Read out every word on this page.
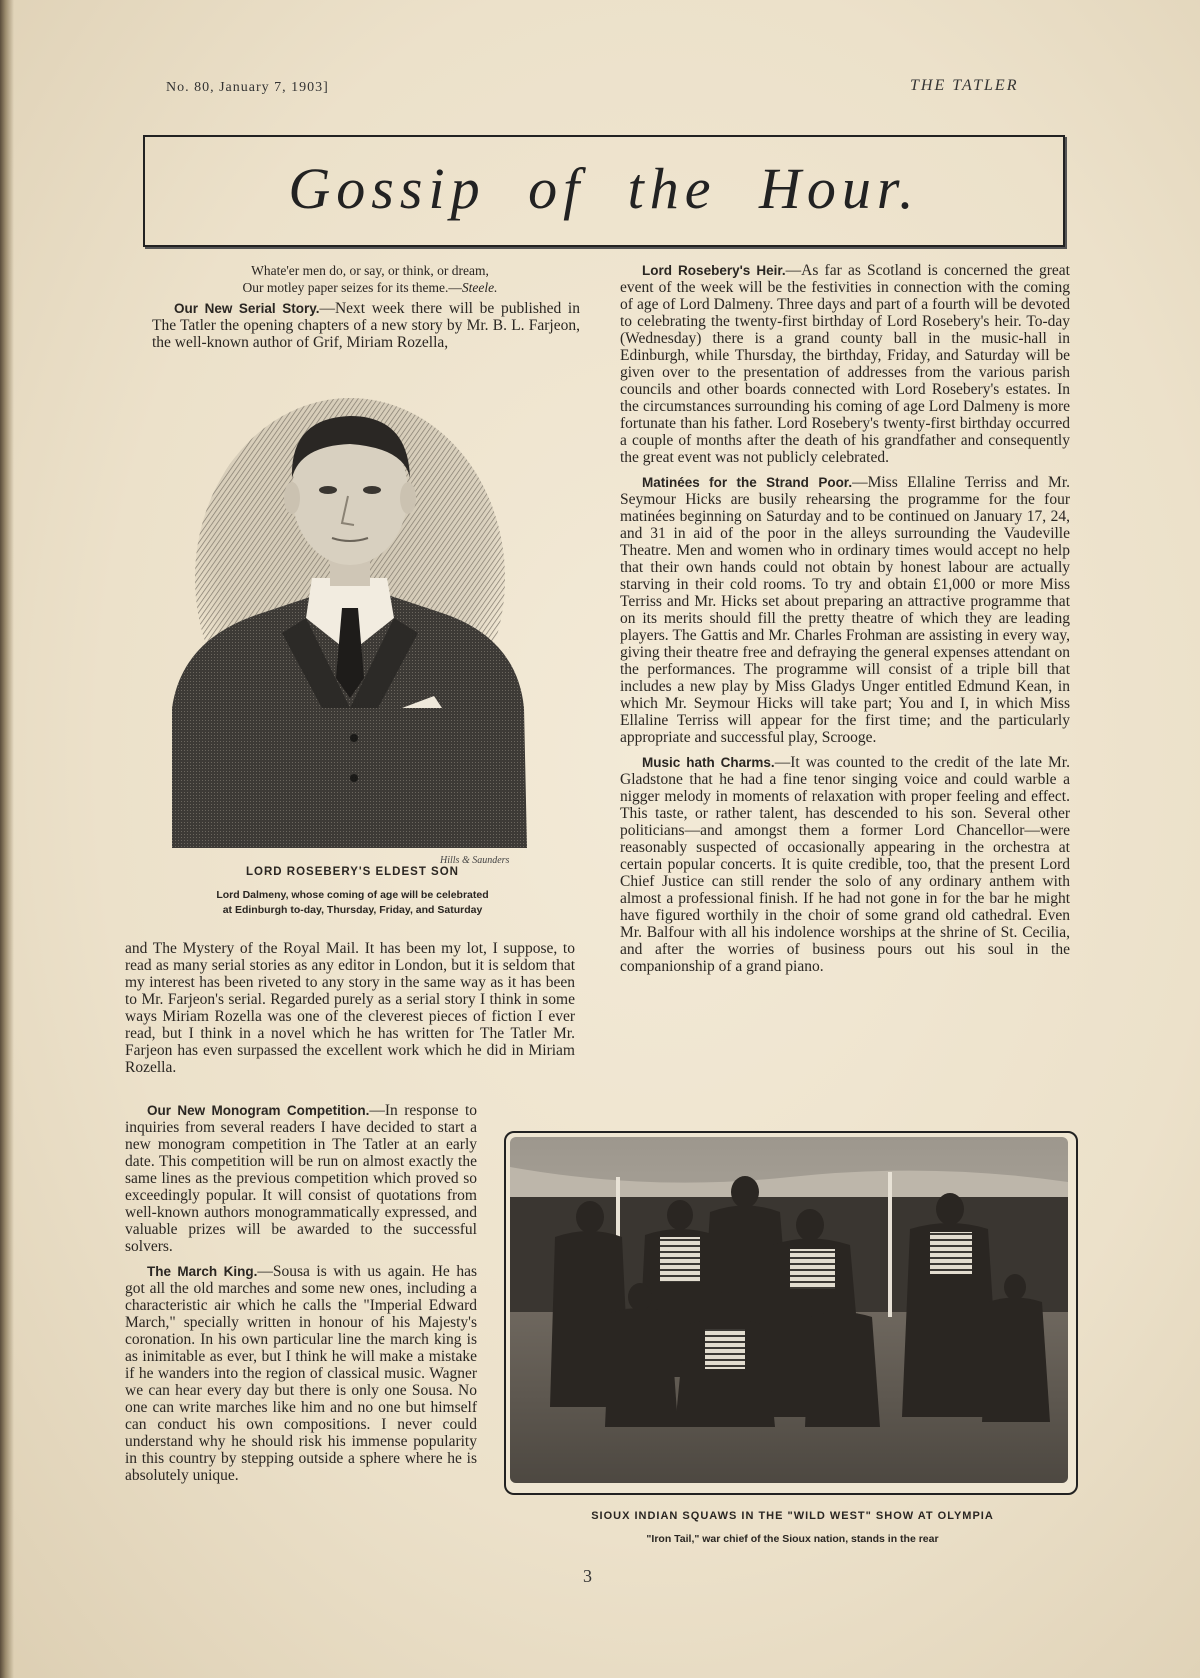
No. 80, January 7, 1903]	THE TATLER
Gossip of the Hour.
Whate'er men do, or say, or think, or dream,
Our motley paper seizes for its theme.—Steele.

Our New Serial Story.—Next week there will be published in The Tatler the opening chapters of a new story by Mr. B. L. Farjeon, the well-known author of Grif, Miriam Rozella,

Hills & Saunders
LORD ROSEBERY'S ELDEST SON
Lord Dalmeny, whose coming of age will be celebrated
at Edinburgh to-day, Thursday, Friday, and Saturday

and The Mystery of the Royal Mail. It has been my lot, I suppose, to read as many serial stories as any editor in London, but it is seldom that my interest has been riveted to any story in the same way as it has been to Mr. Farjeon's serial. Regarded purely as a serial story I think in some ways Miriam Rozella was one of the cleverest pieces of fiction I ever read, but I think in a novel which he has written for The Tatler Mr. Farjeon has even surpassed the excellent work which he did in Miriam Rozella.

Our New Monogram Competition.—In response to inquiries from several readers I have decided to start a new monogram competition in The Tatler at an early date. This competition will be run on almost exactly the same lines as the previous competition which proved so exceedingly popular. It will consist of quotations from well-known authors monogrammatically expressed, and valuable prizes will be awarded to the successful solvers.

The March King.—Sousa is with us again. He has got all the old marches and some new ones, including a characteristic air which he calls the "Imperial Edward March," specially written in honour of his Majesty's coronation. In his own particular line the march king is as inimitable as ever, but I think he will make a mistake if he wanders into the region of classical music. Wagner we can hear every day but there is only one Sousa. No one can write marches like him and no one but himself can conduct his own compositions. I never could understand why he should risk his immense popularity in this country by stepping outside a sphere where he is absolutely unique.

Lord Rosebery's Heir.—As far as Scotland is concerned the great event of the week will be the festivities in connection with the coming of age of Lord Dalmeny. Three days and part of a fourth will be devoted to celebrating the twenty-first birthday of Lord Rosebery's heir. To-day (Wednesday) there is a grand county ball in the music-hall in Edinburgh, while Thursday, the birthday, Friday, and Saturday will be given over to the presentation of addresses from the various parish councils and other boards connected with Lord Rosebery's estates. In the circumstances surrounding his coming of age Lord Dalmeny is more fortunate than his father. Lord Rosebery's twenty-first birthday occurred a couple of months after the death of his grandfather and consequently the great event was not publicly celebrated.

Matinées for the Strand Poor.—Miss Ellaline Terriss and Mr. Seymour Hicks are busily rehearsing the programme for the four matinées beginning on Saturday and to be continued on January 17, 24, and 31 in aid of the poor in the alleys surrounding the Vaudeville Theatre. Men and women who in ordinary times would accept no help that their own hands could not obtain by honest labour are actually starving in their cold rooms. To try and obtain £1,000 or more Miss Terriss and Mr. Hicks set about preparing an attractive programme that on its merits should fill the pretty theatre of which they are leading players. The Gattis and Mr. Charles Frohman are assisting in every way, giving their theatre free and defraying the general expenses attendant on the performances. The programme will consist of a triple bill that includes a new play by Miss Gladys Unger entitled Edmund Kean, in which Mr. Seymour Hicks will take part; You and I, in which Miss Ellaline Terriss will appear for the first time; and the particularly appropriate and successful play, Scrooge.

Music hath Charms.—It was counted to the credit of the late Mr. Gladstone that he had a fine tenor singing voice and could warble a nigger melody in moments of relaxation with proper feeling and effect. This taste, or rather talent, has descended to his son. Several other politicians—and amongst them a former Lord Chancellor—were reasonably suspected of occasionally appearing in the orchestra at certain popular concerts. It is quite credible, too, that the present Lord Chief Justice can still render the solo of any ordinary anthem with almost a professional finish. If he had not gone in for the bar he might have figured worthily in the choir of some grand old cathedral. Even Mr. Balfour with all his indolence worships at the shrine of St. Cecilia, and after the worries of business pours out his soul in the companionship of a grand piano.

SIOUX INDIAN SQUAWS IN THE "WILD WEST" SHOW AT OLYMPIA
"Iron Tail," war chief of the Sioux nation, stands in the rear
3
